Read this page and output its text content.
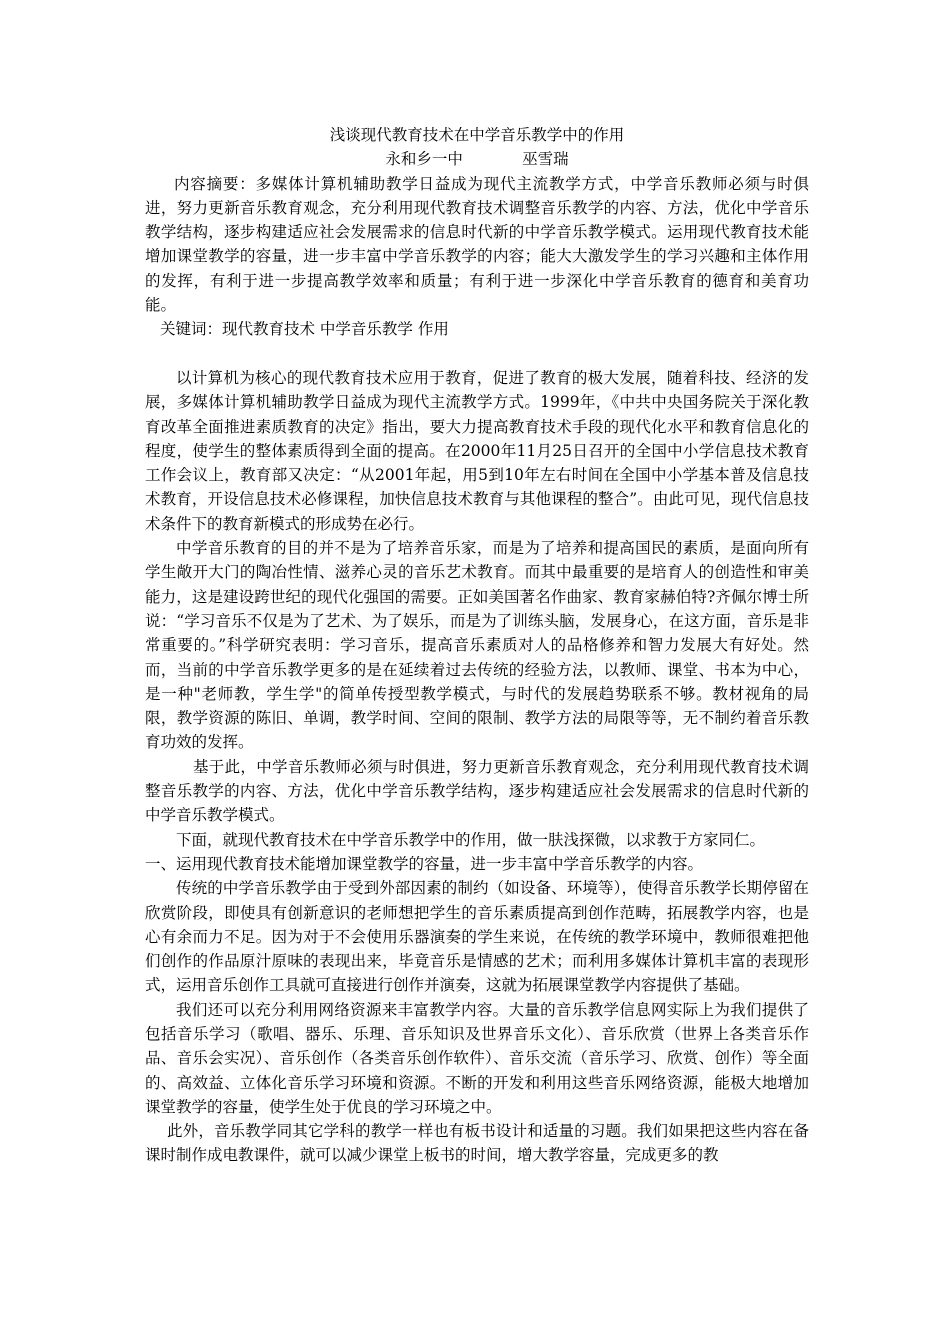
浅谈现代教育技术在中学音乐教学中的作用

永和乡一中	巫雪瑞

内容摘要：多媒体计算机辅助教学日益成为现代主流教学方式，中学音乐教师必须与时俱进，努力更新音乐教育观念，充分利用现代教育技术调整音乐教学的内容、方法，优化中学音乐教学结构，逐步构建适应社会发展需求的信息时代新的中学音乐教学模式。运用现代教育技术能增加课堂教学的容量，进一步丰富中学音乐教学的内容；能大大激发学生的学习兴趣和主体作用的发挥，有利于进一步提高教学效率和质量；有利于进一步深化中学音乐教育的德育和美育功能。

关键词：现代教育技术 中学音乐教学 作用

以计算机为核心的现代教育技术应用于教育，促进了教育的极大发展，随着科技、经济的发展，多媒体计算机辅助教学日益成为现代主流教学方式。1999年，《中共中央国务院关于深化教育改革全面推进素质教育的决定》指出，要大力提高教育技术手段的现代化水平和教育信息化的程度，使学生的整体素质得到全面的提高。在2000年11月25日召开的全国中小学信息技术教育工作会议上，教育部又决定：“从2001年起，用5到10年左右时间在全国中小学基本普及信息技术教育，开设信息技术必修课程，加快信息技术教育与其他课程的整合”。由此可见，现代信息技术条件下的教育新模式的形成势在必行。

中学音乐教育的目的并不是为了培养音乐家，而是为了培养和提高国民的素质，是面向所有学生敞开大门的陶冶性情、滋养心灵的音乐艺术教育。而其中最重要的是培育人的创造性和审美能力，这是建设跨世纪的现代化强国的需要。正如美国著名作曲家、教育家赫伯特?齐佩尔博士所说：“学习音乐不仅是为了艺术、为了娱乐，而是为了训练头脑，发展身心，在这方面，音乐是非常重要的。”科学研究表明：学习音乐，提高音乐素质对人的品格修养和智力发展大有好处。然而，当前的中学音乐教学更多的是在延续着过去传统的经验方法，以教师、课堂、书本为中心，是一种"老师教，学生学"的简单传授型教学模式，与时代的发展趋势联系不够。教材视角的局限，教学资源的陈旧、单调，教学时间、空间的限制、教学方法的局限等等，无不制约着音乐教育功效的发挥。

基于此，中学音乐教师必须与时俱进，努力更新音乐教育观念，充分利用现代教育技术调整音乐教学的内容、方法，优化中学音乐教学结构，逐步构建适应社会发展需求的信息时代新的中学音乐教学模式。

下面，就现代教育技术在中学音乐教学中的作用，做一肤浅探微，以求教于方家同仁。

一、运用现代教育技术能增加课堂教学的容量，进一步丰富中学音乐教学的内容。

传统的中学音乐教学由于受到外部因素的制约（如设备、环境等），使得音乐教学长期停留在欣赏阶段，即使具有创新意识的老师想把学生的音乐素质提高到创作范畴，拓展教学内容，也是心有余而力不足。因为对于不会使用乐器演奏的学生来说，在传统的教学环境中，教师很难把他们创作的作品原汁原味的表现出来，毕竟音乐是情感的艺术；而利用多媒体计算机丰富的表现形式，运用音乐创作工具就可直接进行创作并演奏，这就为拓展课堂教学内容提供了基础。

我们还可以充分利用网络资源来丰富教学内容。大量的音乐教学信息网实际上为我们提供了包括音乐学习（歌唱、器乐、乐理、音乐知识及世界音乐文化）、音乐欣赏（世界上各类音乐作品、音乐会实况）、音乐创作（各类音乐创作软件）、音乐交流（音乐学习、欣赏、创作）等全面的、高效益、立体化音乐学习环境和资源。不断的开发和利用这些音乐网络资源，能极大地增加课堂教学的容量，使学生处于优良的学习环境之中。

此外，音乐教学同其它学科的教学一样也有板书设计和适量的习题。我们如果把这些内容在备课时制作成电教课件，就可以减少课堂上板书的时间，增大教学容量，完成更多的教
